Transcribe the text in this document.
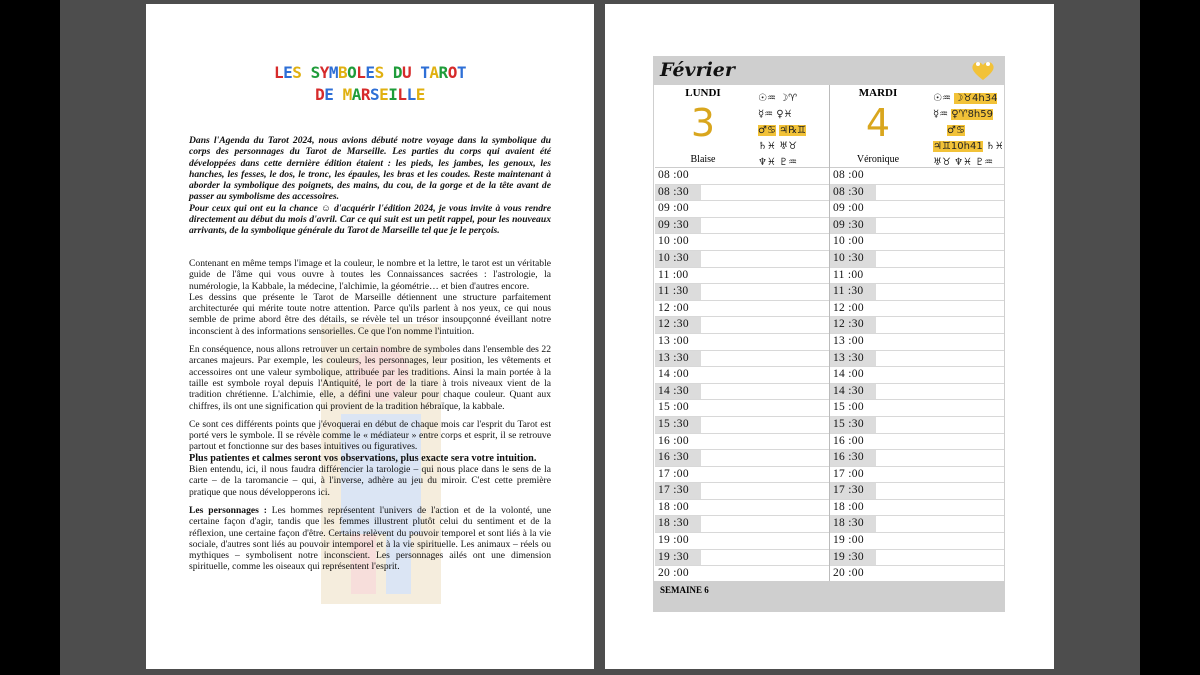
LES SYMBOLES DU TAROT
DE MARSEILLE

Dans l'Agenda du Tarot 2024, nous avions débuté notre voyage dans la symbolique du corps des personnages du Tarot de Marseille. Les parties du corps qui avaient été développées dans cette dernière édition étaient : les pieds, les jambes, les genoux, les hanches, les fesses, le dos, le tronc, les épaules, les bras et les coudes. Reste maintenant à aborder la symbolique des poignets, des mains, du cou, de la gorge et de la tête avant de passer au symbolisme des accessoires.

Pour ceux qui ont eu la chance ☺ d'acquérir l'édition 2024, je vous invite à vous rendre directement au début du mois d'avril. Car ce qui suit est un petit rappel, pour les nouveaux arrivants, de la symbolique générale du Tarot de Marseille tel que je le perçois.

Contenant en même temps l'image et la couleur, le nombre et la lettre, le tarot est un véritable guide de l'âme qui vous ouvre à toutes les Connaissances sacrées : l'astrologie, la numérologie, la Kabbale, la médecine, l'alchimie, la géométrie… et bien d'autres encore.

Les dessins que présente le Tarot de Marseille détiennent une structure parfaitement architecturée qui mérite toute notre attention. Parce qu'ils parlent à nos yeux, ce qui nous semble de prime abord être des détails, se révèle tel un trésor insoupçonné éveillant notre inconscient à des informations sensorielles. Ce que l'on nomme l'intuition.

En conséquence, nous allons retrouver un certain nombre de symboles dans l'ensemble des 22 arcanes majeurs. Par exemple, les couleurs, les personnages, leur position, les vêtements et accessoires ont une valeur symbolique, attribuée par les traditions. Ainsi la main portée à la taille est symbole royal depuis l'Antiquité, le port de la tiare à trois niveaux vient de la tradition chrétienne. L'alchimie, elle, a défini une valeur pour chaque couleur. Quant aux chiffres, ils ont une signification qui provient de la tradition hébraïque, la kabbale.

Ce sont ces différents points que j'évoquerai en début de chaque mois car l'esprit du Tarot est porté vers le symbole. Il se révèle comme le « médiateur » entre corps et esprit, il se retrouve partout et fonctionne sur des bases intuitives ou figuratives.

Plus patientes et calmes seront vos observations, plus exacte sera votre intuition.

Bien entendu, ici, il nous faudra différencier la tarologie – qui nous place dans le sens de la carte – de la taromancie – qui, à l'inverse, adhère au jeu du miroir. C'est cette première pratique que nous développerons ici.

Les personnages : Les hommes représentent l'univers de l'action et de la volonté, une certaine façon d'agir, tandis que les femmes illustrent plutôt celui du sentiment et de la réflexion, une certaine façon d'être. Certains relèvent du pouvoir temporel et sont liés à la vie sociale, d'autres sont liés au pouvoir intemporel et à la vie spirituelle. Les animaux – réels ou mythiques – symbolisent notre inconscient. Les personnages ailés ont une dimension spirituelle, comme les oiseaux qui représentent l'esprit.

Février
LUNDI
3
Blaise
☉♒ ☽♈
☿♒ ♀♓
♂♋ ♃℞♊
♄♓ ♅♉
♆♓ ♇♒
08 :00
08 :30
09 :00
09 :30
10 :00
10 :30
11 :00
11 :30
12 :00
12 :30
13 :00
13 :30
14 :00
14 :30
15 :00
15 :30
16 :00
16 :30
17 :00
17 :30
18 :00
18 :30
19 :00
19 :30
20 :00
MARDI
4
Véronique
☉♒ ☽♉4h34
☿♒ ♀♈8h59
♂♋
♃♊10h41 ♄♓
♅♉ ♆♓ ♇♒
08 :00
08 :30
09 :00
09 :30
10 :00
10 :30
11 :00
11 :30
12 :00
12 :30
13 :00
13 :30
14 :00
14 :30
15 :00
15 :30
16 :00
16 :30
17 :00
17 :30
18 :00
18 :30
19 :00
19 :30
20 :00
SEMAINE 6
